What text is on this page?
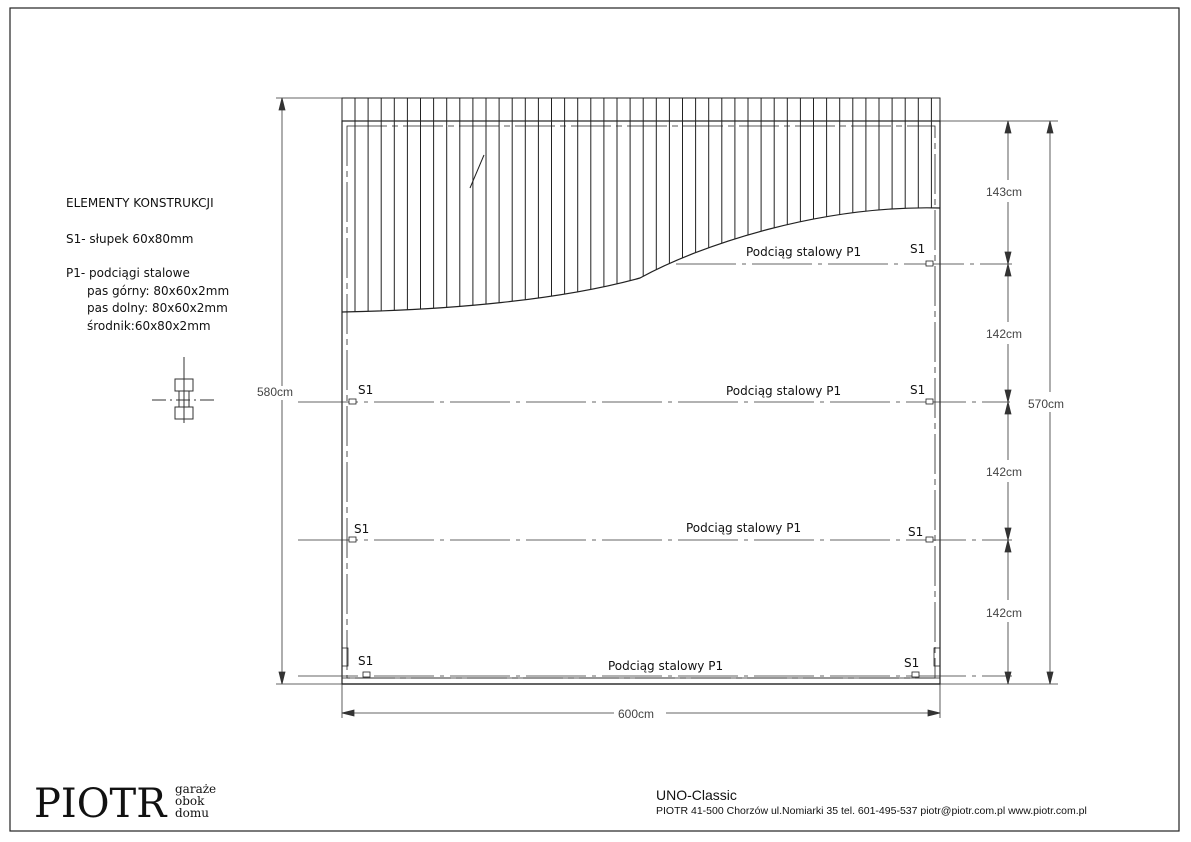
ELEMENTY KONSTRUKCJI
S1- słupek 60x80mm
P1- podciągi stalowe
pas górny: 80x60x2mm
pas dolny: 80x60x2mm
środnik:60x80x2mm
S1
S1	S1
S1	S1
S1	S1
Podciąg stalowy P1
Podciąg stalowy P1
Podciąg stalowy P1
Podciąg stalowy P1
580cm
570cm
143cm
142cm
142cm
142cm
600cm
PIOTR garaże
obok
domu
UNO-Classic
PIOTR 41-500 Chorzów ul.Nomiarki 35 tel. 601-495-537 piotr@piotr.com.pl www.piotr.com.pl
